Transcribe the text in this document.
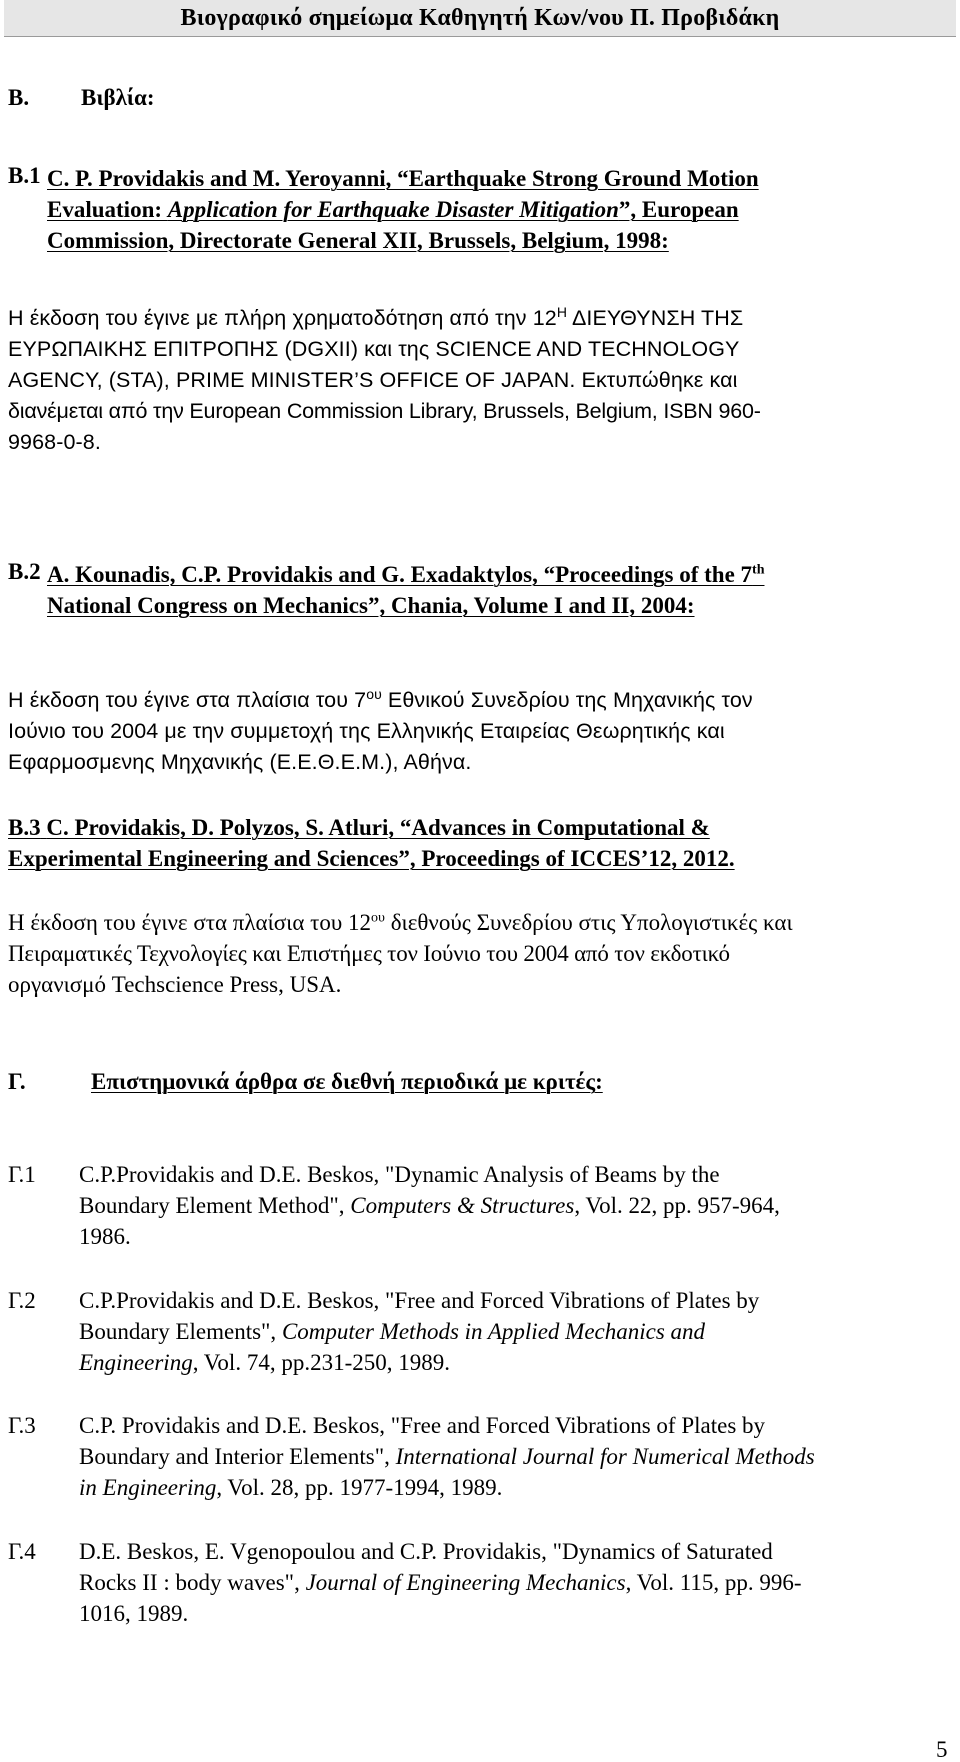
Βιογραφικό σημείωμα Καθηγητή Κων/νου Π. Προβιδάκη
B. Βιβλία:
B.1 C. P. Providakis and M. Yeroyanni, “Earthquake Strong Ground Motion
Evaluation: Application for Earthquake Disaster Mitigation”, European
Commission, Directorate General XII, Brussels, Belgium, 1998:
Η έκδοση του έγινε με πλήρη χρηματοδότηση από την $12^H$ ΔΙΕΥΘΥΝΣΗ ΤΗΣ
ΕΥΡΩΠΑΙΚΗΣ ΕΠΙΤΡΟΠΗΣ (DGXII) και της SCIENCE AND TECHNOLOGY
AGENCY, (STA), PRIME MINISTER’S OFFICE OF JAPAN. Εκτυπώθηκε και
διανέμεται από την European Commission Library, Brussels, Belgium, ISBN 960-
9968-0-8.
B.2 A. Kounadis, C.P. Providakis and G. Exadaktylos, “Proceedings of the 7th
National Congress on Mechanics”, Chania, Volume I and II, 2004:
Η έκδοση του έγινε στα πλαίσια του $7^{o\upsilon}$ Εθνικού Συνεδρίου της Μηχανικής τον
Ιούνιο του 2004 με την συμμετοχή της Ελληνικής Εταιρείας Θεωρητικής και
Εφαρμοσμενης Μηχανικής (Ε.Ε.Θ.Ε.Μ.), Αθήνα.
B.3 C. Providakis, D. Polyzos, S. Atluri, “Advances in Computational &
Experimental Engineering and Sciences”, Proceedings of ICCES’12, 2012.
Η έκδοση του έγινε στα πλαίσια του $12^{o\upsilon}$ διεθνούς Συνεδρίου στις Υπολογιστικές και
Πειραματικές Τεχνολογίες και Επιστήμες τον Ιούνιο του 2004 από τον εκδοτικό
οργανισμό Techscience Press, USA.
Γ.	Επιστημονικά άρθρα σε διεθνή περιοδικά με κριτές:
Γ.1 C.P.Providakis and D.E. Beskos, "Dynamic Analysis of Beams by the
Boundary Element Method", Computers & Structures, Vol. 22, pp. 957-964,
1986.
Γ.2 C.P.Providakis and D.E. Beskos, "Free and Forced Vibrations of Plates by
Boundary Elements", Computer Methods in Applied Mechanics and
Engineering, Vol. 74, pp.231-250, 1989.
Γ.3 C.P. Providakis and D.E. Beskos, "Free and Forced Vibrations of Plates by
Boundary and Interior Elements", International Journal for Numerical Methods
in Engineering, Vol. 28, pp. 1977-1994, 1989.
Γ.4 D.E. Beskos, E. Vgenopoulou and C.P. Providakis, "Dynamics of Saturated
Rocks II : body waves", Journal of Engineering Mechanics, Vol. 115, pp. 996-
1016, 1989.
5
